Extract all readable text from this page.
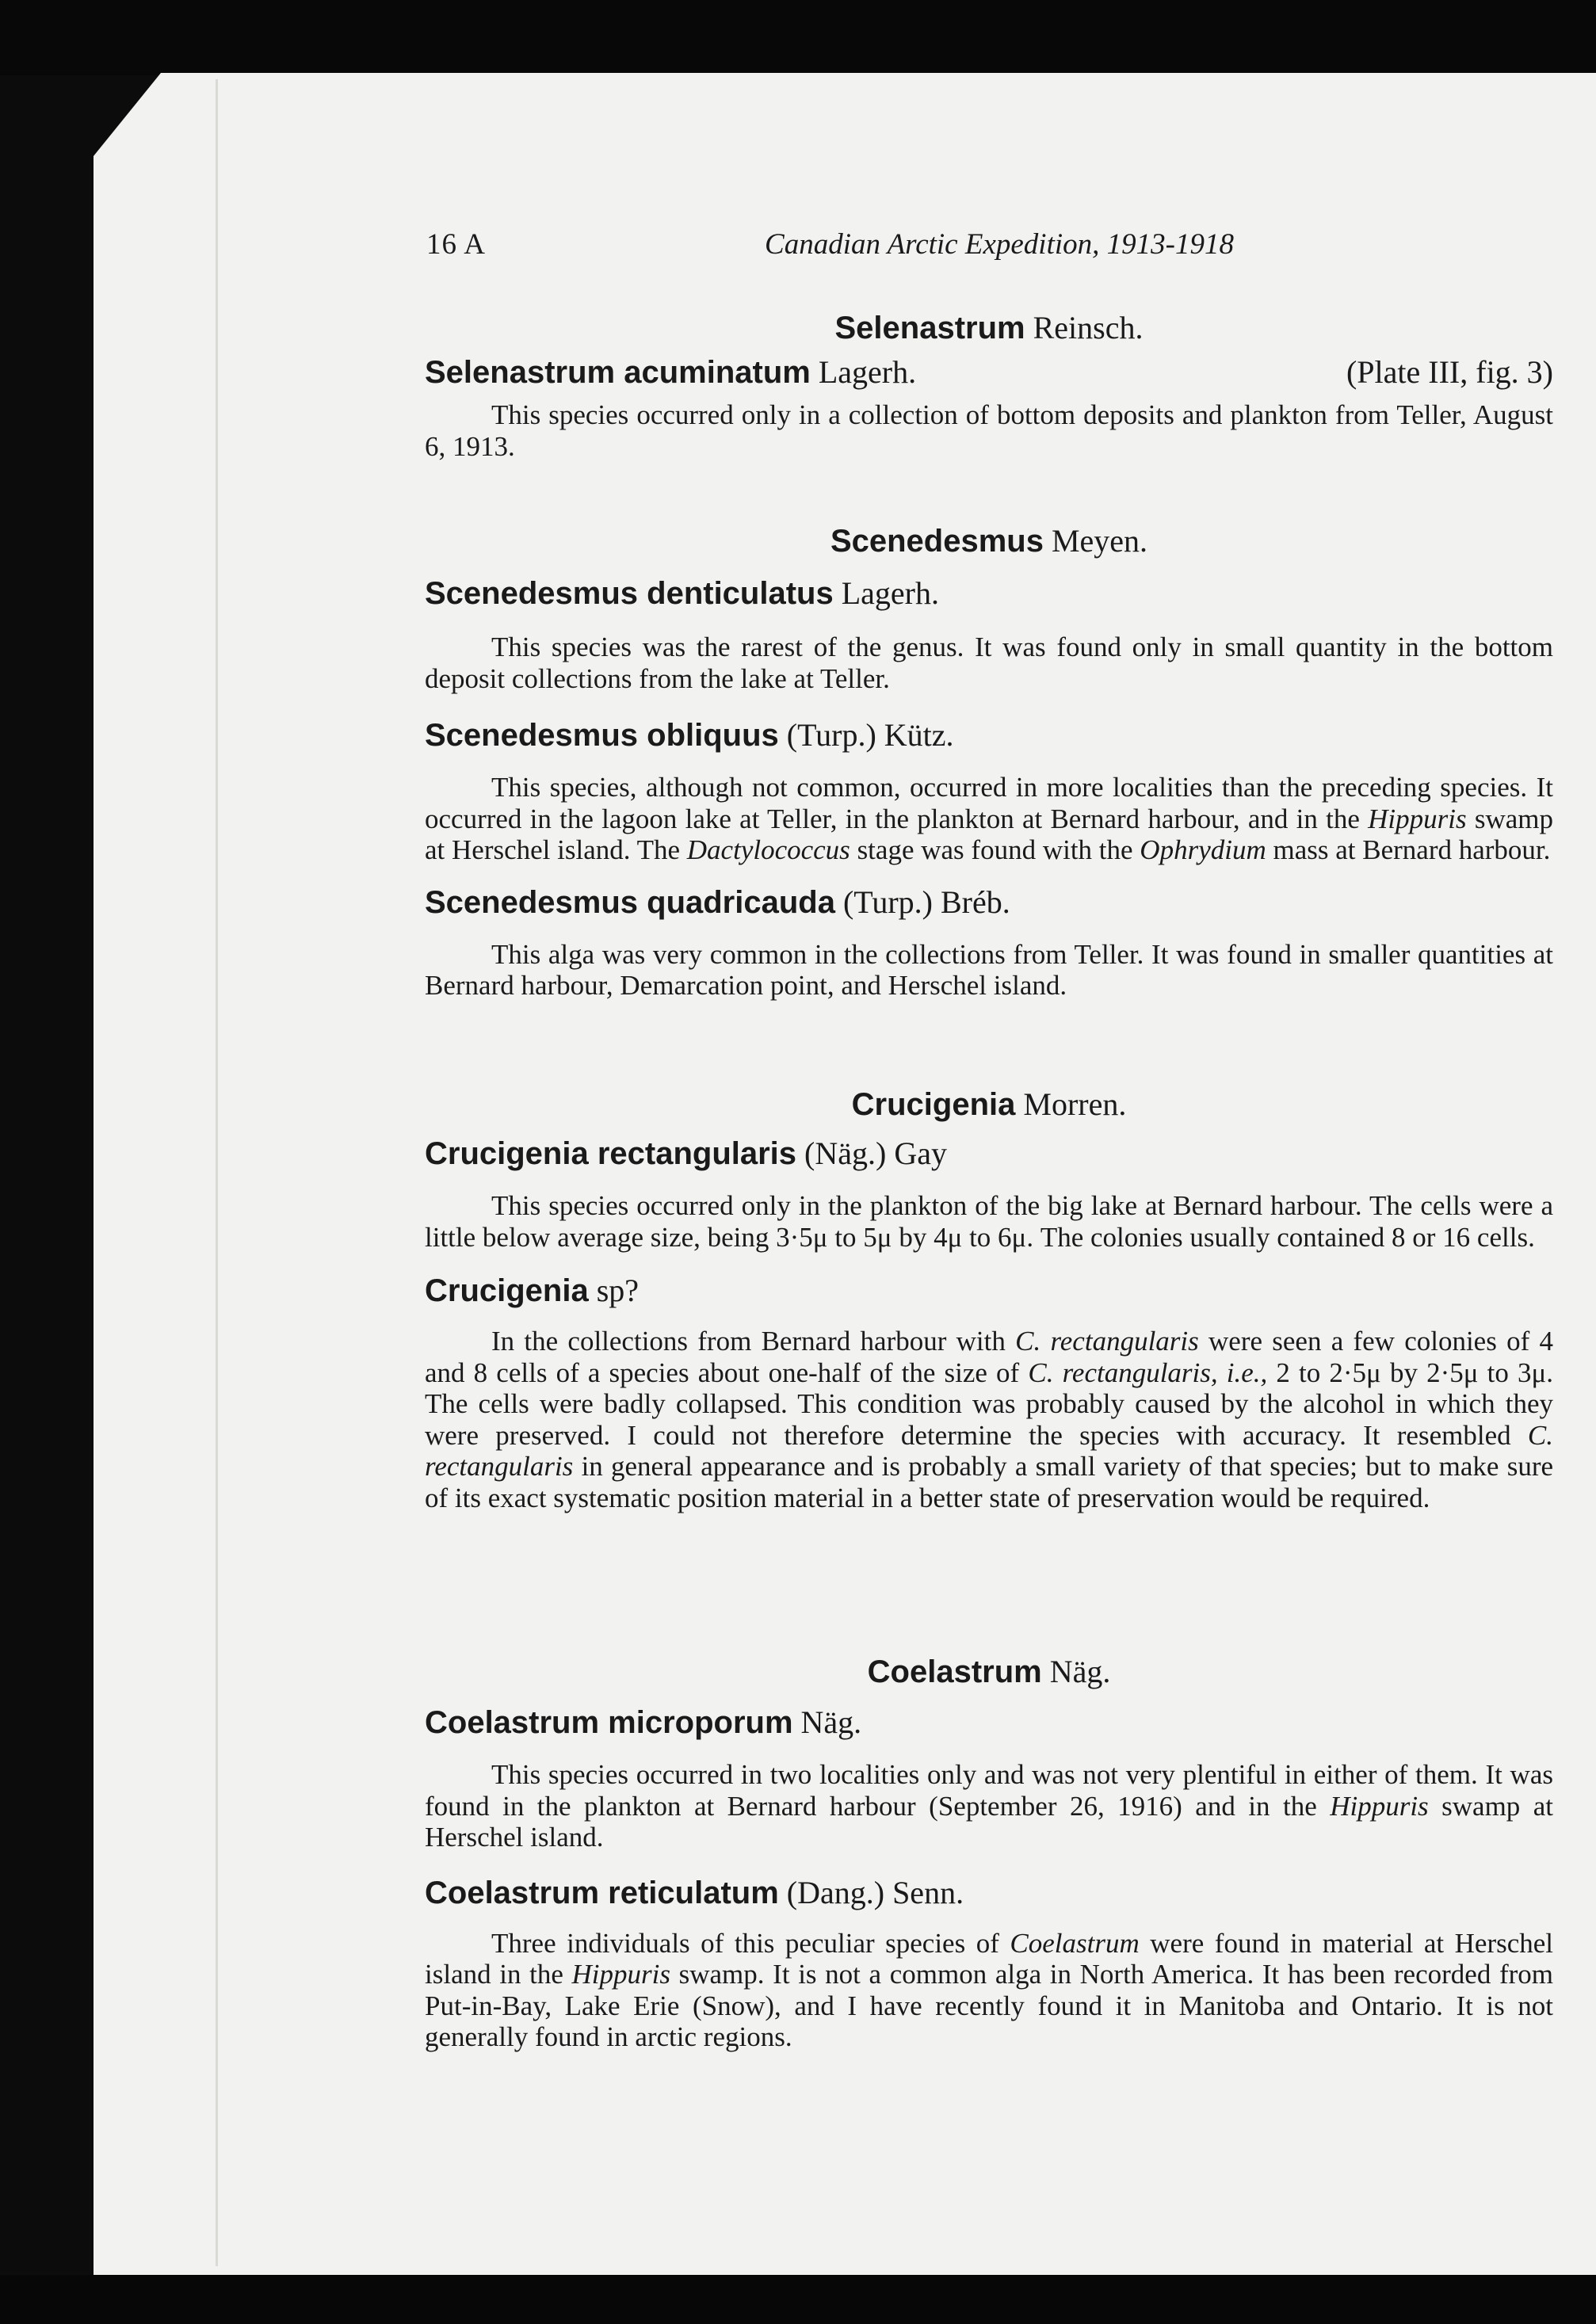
16 A	Canadian Arctic Expedition, 1913-1918
Selenastrum Reinsch.
Selenastrum acuminatum Lagerh.	(Plate III, fig. 3)

This species occurred only in a collection of bottom deposits and plankton from Teller, August 6, 1913.

Scenedesmus Meyen.
Scenedesmus denticulatus Lagerh.

This species was the rarest of the genus. It was found only in small quantity in the bottom deposit collections from the lake at Teller.

Scenedesmus obliquus (Turp.) Kütz.

This species, although not common, occurred in more localities than the preceding species. It occurred in the lagoon lake at Teller, in the plankton at Bernard harbour, and in the Hippuris swamp at Herschel island. The Dactylococcus stage was found with the Ophrydium mass at Bernard harbour.

Scenedesmus quadricauda (Turp.) Bréb.

This alga was very common in the collections from Teller. It was found in smaller quantities at Bernard harbour, Demarcation point, and Herschel island.

Crucigenia Morren.
Crucigenia rectangularis (Näg.) Gay

This species occurred only in the plankton of the big lake at Bernard harbour. The cells were a little below average size, being 3·5μ to 5μ by 4μ to 6μ. The colonies usually contained 8 or 16 cells.

Crucigenia sp?

In the collections from Bernard harbour with C. rectangularis were seen a few colonies of 4 and 8 cells of a species about one-half of the size of C. rectangularis, i.e., 2 to 2·5μ by 2·5μ to 3μ. The cells were badly collapsed. This condition was probably caused by the alcohol in which they were preserved. I could not therefore determine the species with accuracy. It resembled C. rectangularis in general appearance and is probably a small variety of that species; but to make sure of its exact systematic position material in a better state of preservation would be required.

Coelastrum Näg.
Coelastrum microporum Näg.

This species occurred in two localities only and was not very plentiful in either of them. It was found in the plankton at Bernard harbour (September 26, 1916) and in the Hippuris swamp at Herschel island.

Coelastrum reticulatum (Dang.) Senn.

Three individuals of this peculiar species of Coelastrum were found in material at Herschel island in the Hippuris swamp. It is not a common alga in North America. It has been recorded from Put-in-Bay, Lake Erie (Snow), and I have recently found it in Manitoba and Ontario. It is not generally found in arctic regions.
